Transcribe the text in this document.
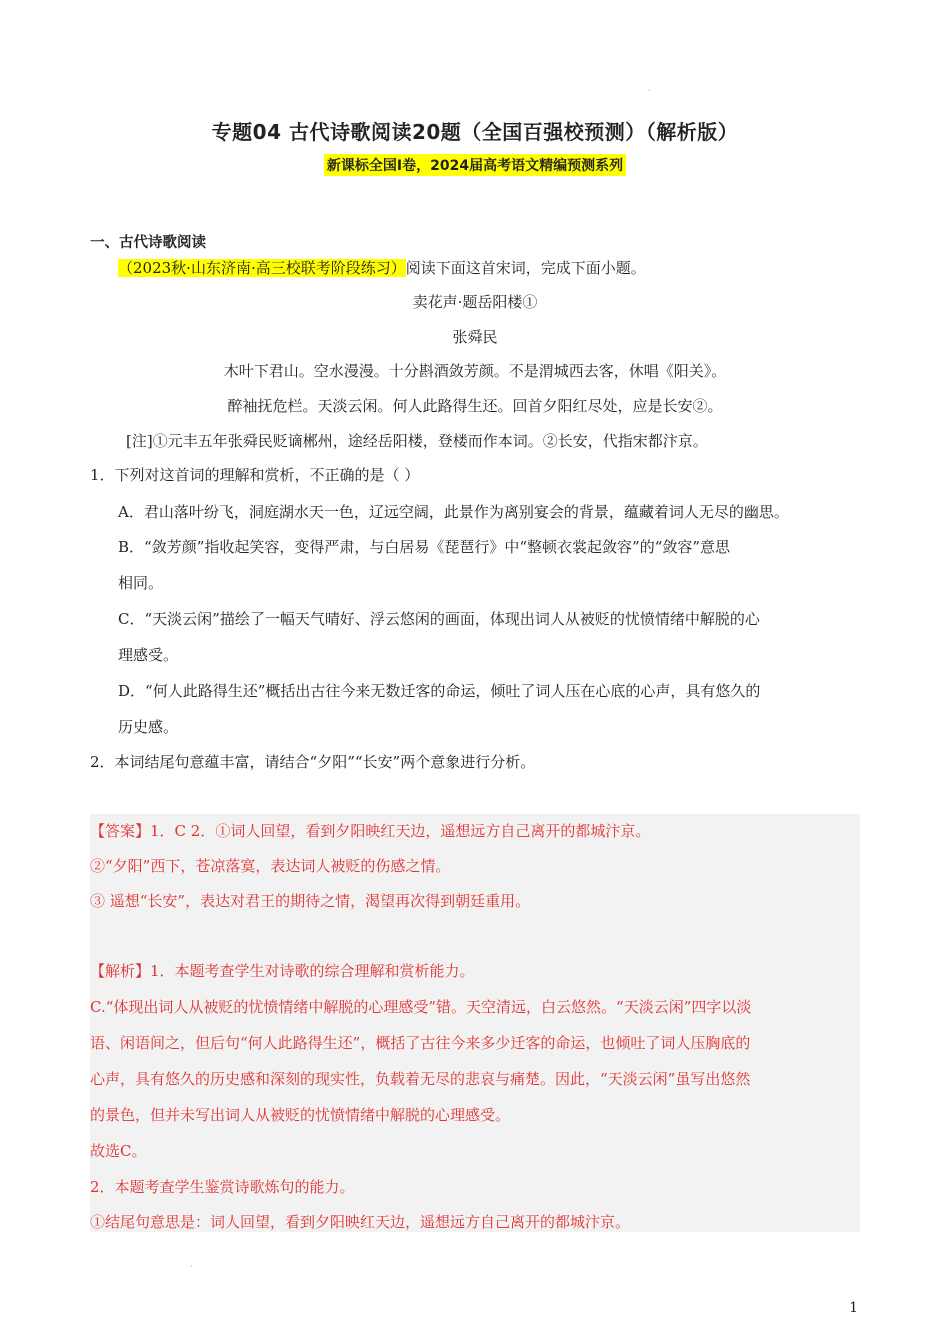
·
专题04 古代诗歌阅读20题（全国百强校预测）（解析版）
新课标全国Ⅰ卷，2024届高考语文精编预测系列
一、古代诗歌阅读
（2023秋·山东济南·高三校联考阶段练习）阅读下面这首宋词，完成下面小题。
卖花声·题岳阳楼①
张舜民
木叶下君山。空水漫漫。十分斟酒敛芳颜。不是渭城西去客，休唱《阳关》。
醉袖抚危栏。天淡云闲。何人此路得生还。回首夕阳红尽处，应是长安②。
[注]①元丰五年张舜民贬谪郴州，途经岳阳楼，登楼而作本词。②长安，代指宋都汴京。
1．下列对这首词的理解和赏析，不正确的是（ ）
A．君山落叶纷飞，洞庭湖水天一色，辽远空阔，此景作为离别宴会的背景，蕴藏着词人无尽的幽思。
B．“敛芳颜”指收起笑容，变得严肃，与白居易《琵琶行》中“整顿衣裳起敛容”的“敛容”意思
相同。
C．“天淡云闲”描绘了一幅天气晴好、浮云悠闲的画面，体现出词人从被贬的忧愤情绪中解脱的心
理感受。
D．“何人此路得生还”概括出古往今来无数迁客的命运，倾吐了词人压在心底的心声，具有悠久的
历史感。
2．本词结尾句意蕴丰富，请结合“夕阳”“长安”两个意象进行分析。
【答案】1．C 2．①词人回望，看到夕阳映红天边，遥想远方自己离开的都城汴京。
②“夕阳”西下，苍凉落寞，表达词人被贬的伤感之情。
③ 遥想“长安”，表达对君王的期待之情，渴望再次得到朝廷重用。
【解析】1．本题考查学生对诗歌的综合理解和赏析能力。
C.“体现出词人从被贬的忧愤情绪中解脱的心理感受”错。天空清远，白云悠然。“天淡云闲”四字以淡
语、闲语间之，但后句“何人此路得生还”，概括了古往今来多少迁客的命运，也倾吐了词人压胸底的
心声，具有悠久的历史感和深刻的现实性，负载着无尽的悲哀与痛楚。因此，“天淡云闲”虽写出悠然
的景色，但并未写出词人从被贬的忧愤情绪中解脱的心理感受。
故选C。
2．本题考查学生鉴赏诗歌炼句的能力。
①结尾句意思是：词人回望，看到夕阳映红天边，遥想远方自己离开的都城汴京。
·
1
